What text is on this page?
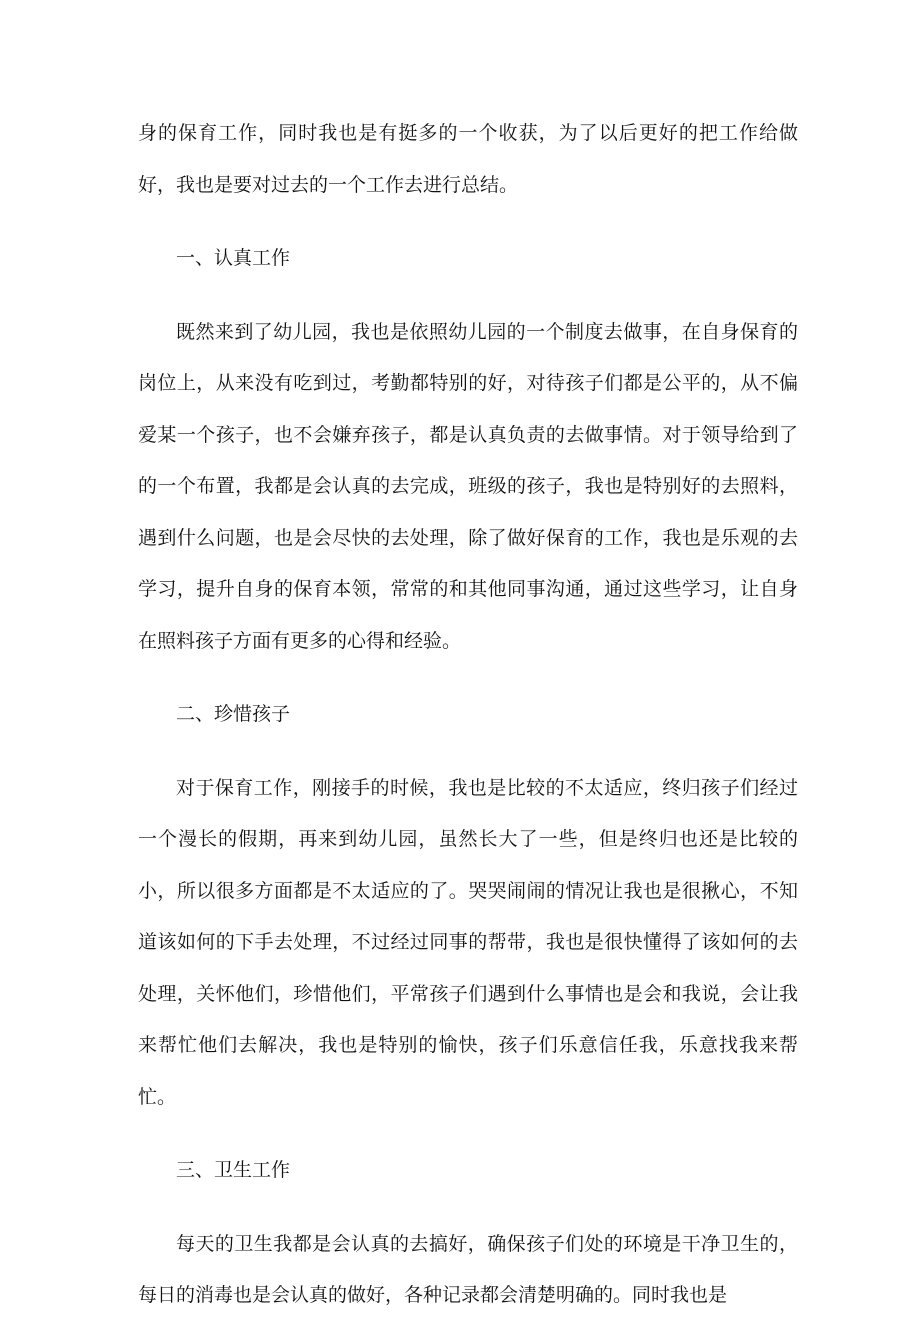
身的保育工作，同时我也是有挺多的一个收获，为了以后更好的把工作给做好，我也是要对过去的一个工作去进行总结。

一、认真工作

既然来到了幼儿园，我也是依照幼儿园的一个制度去做事，在自身保育的岗位上，从来没有吃到过，考勤都特别的好，对待孩子们都是公平的，从不偏爱某一个孩子，也不会嫌弃孩子，都是认真负责的去做事情。对于领导给到了的一个布置，我都是会认真的去完成，班级的孩子，我也是特别好的去照料，遇到什么问题，也是会尽快的去处理，除了做好保育的工作，我也是乐观的去学习，提升自身的保育本领，常常的和其他同事沟通，通过这些学习，让自身在照料孩子方面有更多的心得和经验。

二、珍惜孩子

对于保育工作，刚接手的时候，我也是比较的不太适应，终归孩子们经过一个漫长的假期，再来到幼儿园，虽然长大了一些，但是终归也还是比较的小，所以很多方面都是不太适应的了。哭哭闹闹的情况让我也是很揪心，不知道该如何的下手去处理，不过经过同事的帮带，我也是很快懂得了该如何的去处理，关怀他们，珍惜他们，平常孩子们遇到什么事情也是会和我说，会让我来帮忙他们去解决，我也是特别的愉快，孩子们乐意信任我，乐意找我来帮忙。

三、卫生工作

每天的卫生我都是会认真的去搞好，确保孩子们处的环境是干净卫生的，每日的消毒也是会认真的做好，各种记录都会清楚明确的。同时我也是
